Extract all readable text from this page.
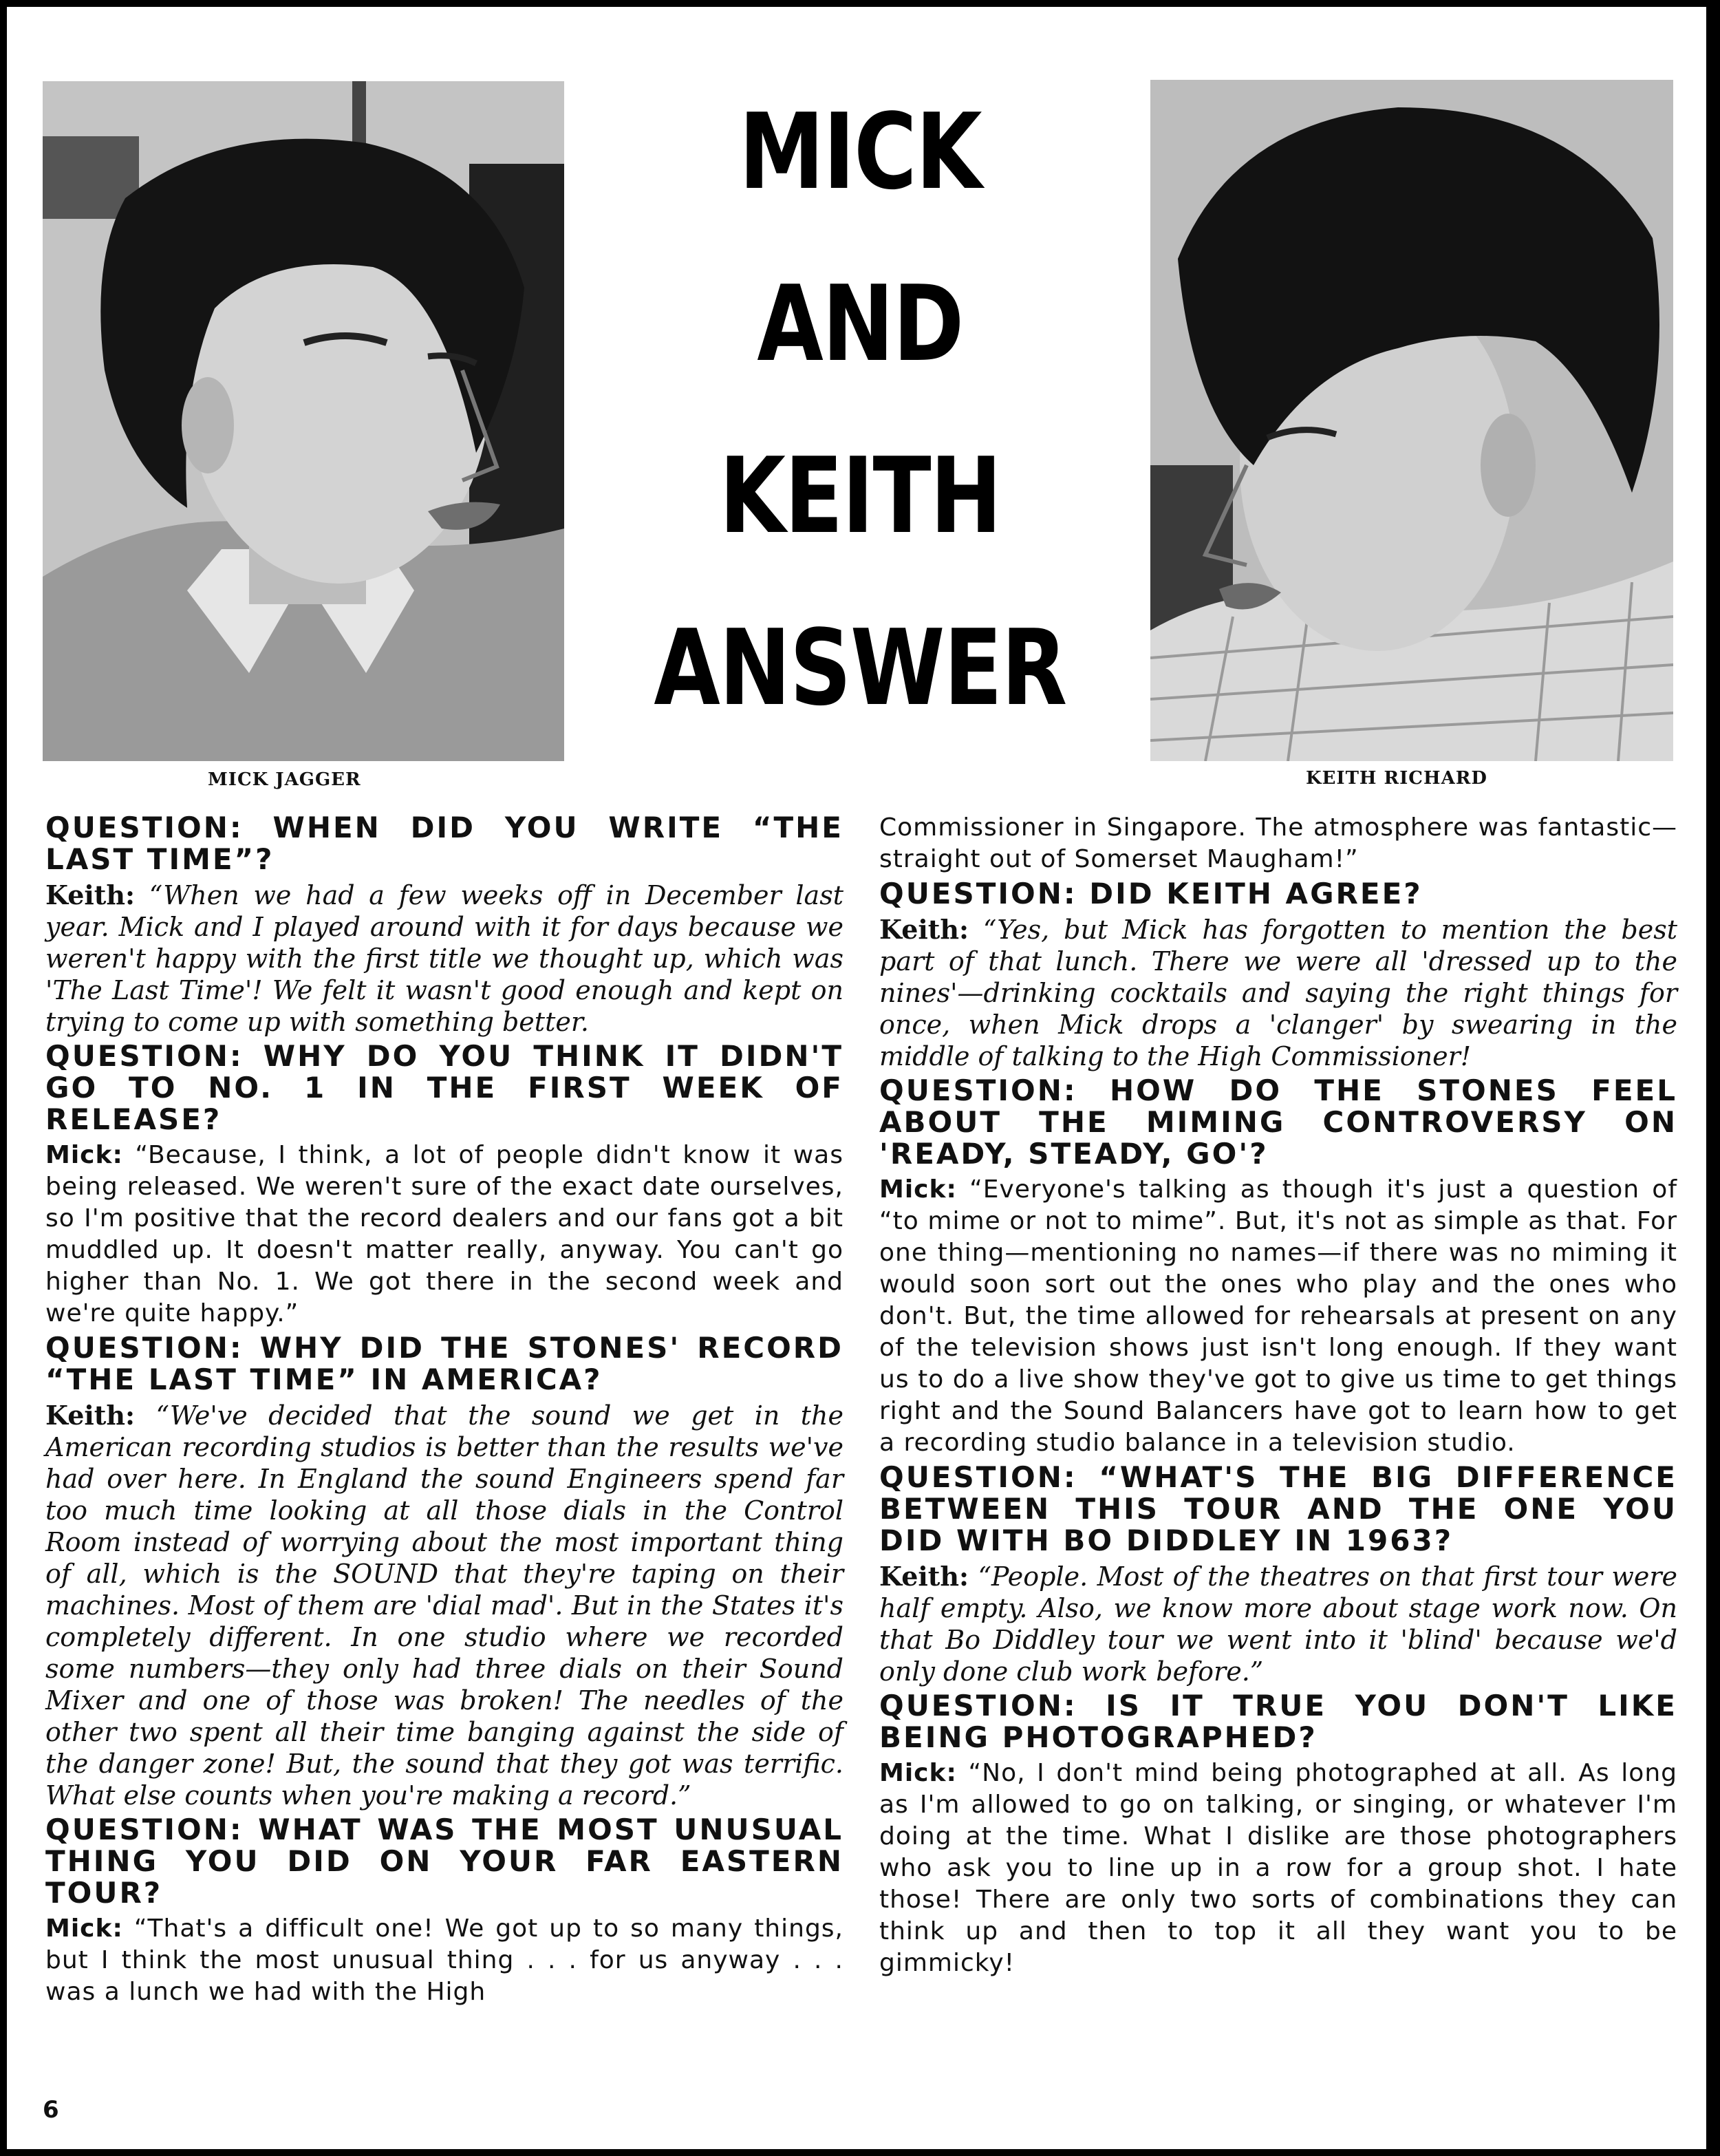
MICK JAGGER
MICK
AND
KEITH
ANSWER
KEITH RICHARD
QUESTION: WHEN DID YOU WRITE “THE LAST TIME”?
Keith: “When we had a few weeks off in December last year. Mick and I played around with it for days because we weren't happy with the first title we thought up, which was 'The Last Time'! We felt it wasn't good enough and kept on trying to come up with something better.
QUESTION: WHY DO YOU THINK IT DIDN'T GO TO NO. 1 IN THE FIRST WEEK OF RELEASE?
Mick: “Because, I think, a lot of people didn't know it was being released. We weren't sure of the exact date ourselves, so I'm positive that the record dealers and our fans got a bit muddled up. It doesn't matter really, anyway. You can't go higher than No. 1. We got there in the second week and we're quite happy.”
QUESTION: WHY DID THE STONES' RECORD “THE LAST TIME” IN AMERICA?
Keith: “We've decided that the sound we get in the American recording studios is better than the results we've had over here. In England the sound Engineers spend far too much time looking at all those dials in the Control Room instead of worrying about the most important thing of all, which is the SOUND that they're taping on their machines. Most of them are 'dial mad'. But in the States it's completely different. In one studio where we recorded some numbers—they only had three dials on their Sound Mixer and one of those was broken! The needles of the other two spent all their time banging against the side of the danger zone! But, the sound that they got was terrific. What else counts when you're making a record.”
QUESTION: WHAT WAS THE MOST UNUSUAL THING YOU DID ON YOUR FAR EASTERN TOUR?
Mick: “That's a difficult one! We got up to so many things, but I think the most unusual thing . . . for us anyway . . . was a lunch we had with the High
Commissioner in Singapore. The atmosphere was fantastic—straight out of Somerset Maugham!”
QUESTION: DID KEITH AGREE?
Keith: “Yes, but Mick has forgotten to mention the best part of that lunch. There we were all 'dressed up to the nines'—drinking cocktails and saying the right things for once, when Mick drops a 'clanger' by swearing in the middle of talking to the High Commissioner!
QUESTION: HOW DO THE STONES FEEL ABOUT THE MIMING CONTROVERSY ON 'READY, STEADY, GO'?
Mick: “Everyone's talking as though it's just a question of “to mime or not to mime”. But, it's not as simple as that. For one thing—mentioning no names—if there was no miming it would soon sort out the ones who play and the ones who don't. But, the time allowed for rehearsals at present on any of the television shows just isn't long enough. If they want us to do a live show they've got to give us time to get things right and the Sound Balancers have got to learn how to get a recording studio balance in a television studio.
QUESTION: “WHAT'S THE BIG DIFFERENCE BETWEEN THIS TOUR AND THE ONE YOU DID WITH BO DIDDLEY IN 1963?
Keith: “People. Most of the theatres on that first tour were half empty. Also, we know more about stage work now. On that Bo Diddley tour we went into it 'blind' because we'd only done club work before.”
QUESTION: IS IT TRUE YOU DON'T LIKE BEING PHOTOGRAPHED?
Mick: “No, I don't mind being photographed at all. As long as I'm allowed to go on talking, or singing, or whatever I'm doing at the time. What I dislike are those photographers who ask you to line up in a row for a group shot. I hate those! There are only two sorts of combinations they can think up and then to top it all they want you to be gimmicky!
6
